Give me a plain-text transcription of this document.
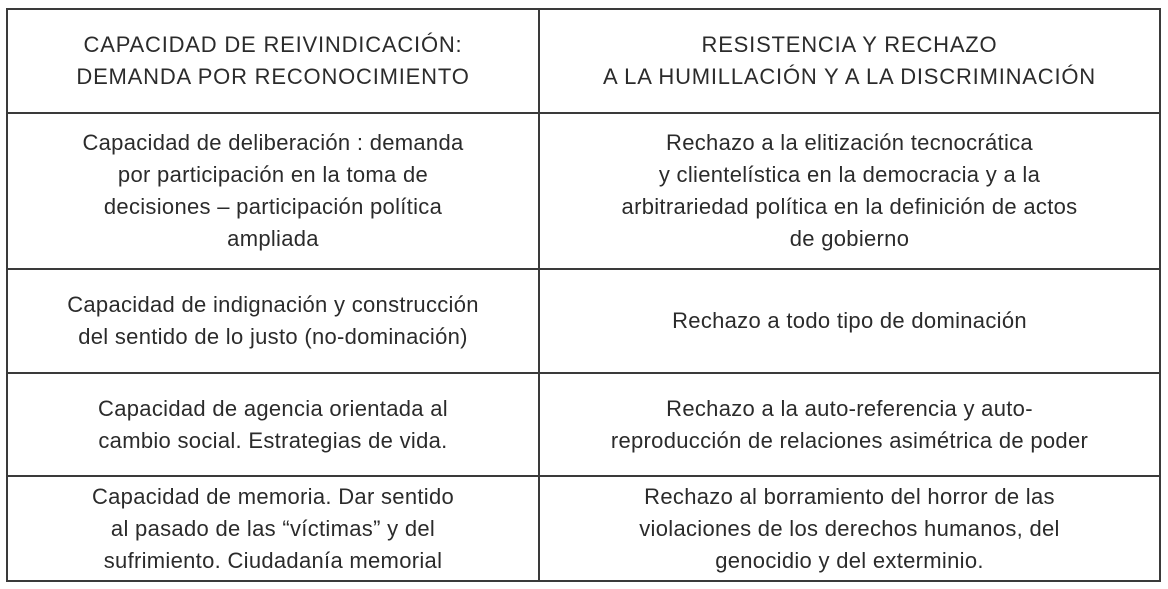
CAPACIDAD DE REIVINDICACIÓN:
DEMANDA POR RECONOCIMIENTO	RESISTENCIA Y RECHAZO
A LA HUMILLACIÓN Y A LA DISCRIMINACIÓN

Capacidad de deliberación : demanda
por participación en la toma de
decisiones – participación política
ampliada	Rechazo a la elitización tecnocrática
y clientelística en la democracia y a la
arbitrariedad política en la definición de actos
de gobierno

Capacidad de indignación y construcción
del sentido de lo justo (no-dominación)	Rechazo a todo tipo de dominación

Capacidad de agencia orientada al
cambio social. Estrategias de vida.	Rechazo a la auto-referencia y auto-
reproducción de relaciones asimétrica de poder

Capacidad de memoria. Dar sentido
al pasado de las “víctimas” y del
sufrimiento. Ciudadanía memorial	Rechazo al borramiento del horror de las
violaciones de los derechos humanos, del
genocidio y del exterminio.
